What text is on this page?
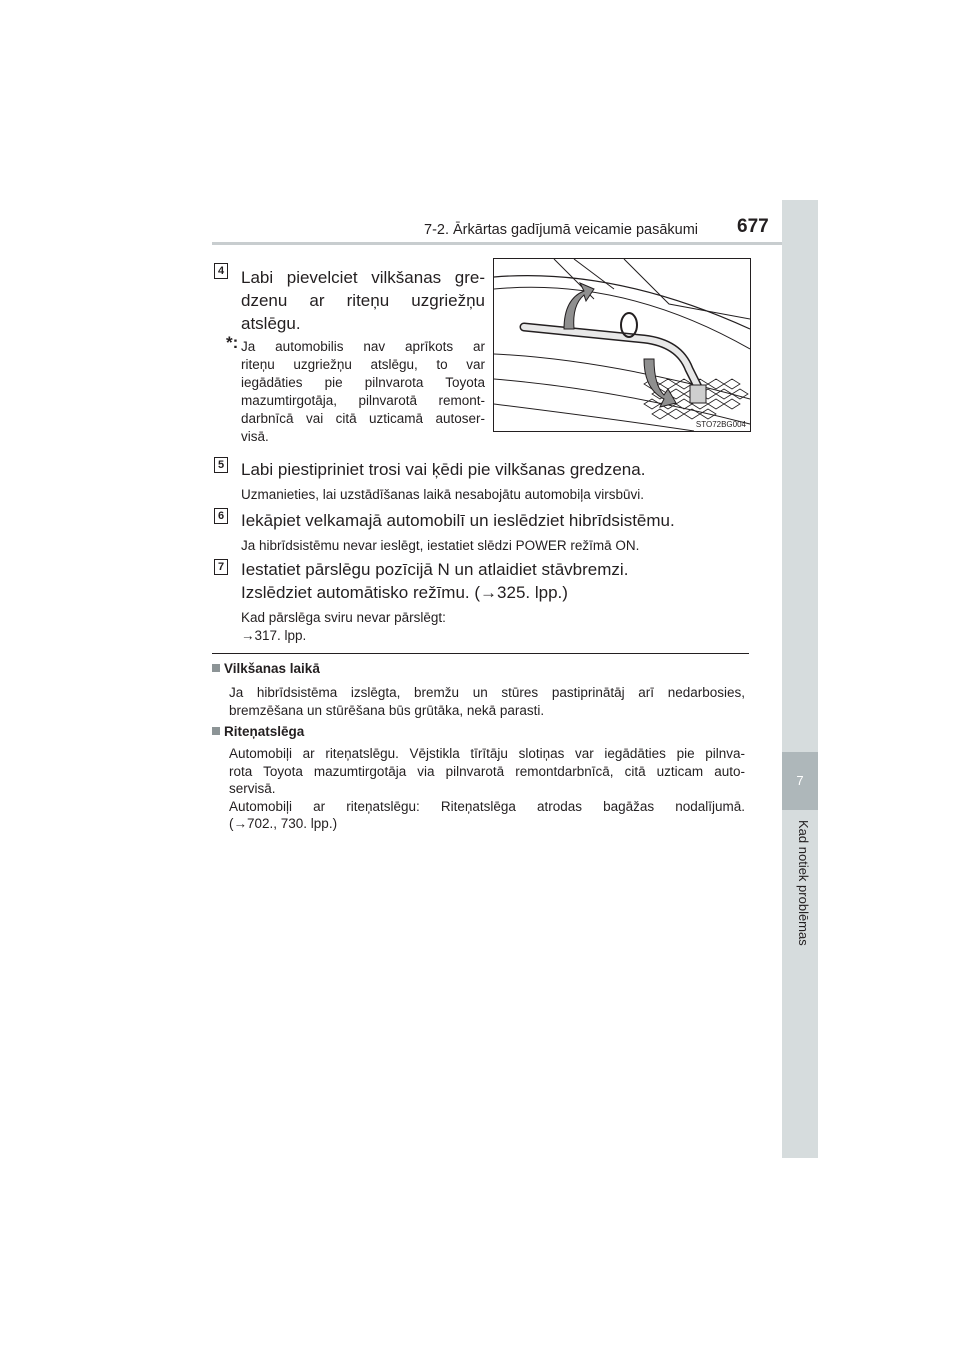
7-2. Ārkārtas gadījumā veicamie pasākumi 677
7
Kad notiek problēmas
4 Labi pievelciet vilkšanas gre-
dzenu ar riteņu uzgriežņu
atslēgu.
*: Ja automobilis nav aprīkots ar
riteņu uzgriežņu atslēgu, to var
iegādāties pie pilnvarota Toyota
mazumtirgotāja, pilnvarotā remont-
darbnīcā vai citā uzticamā autoser-
visā.
STO72BG004
5 Labi piestipriniet trosi vai ķēdi pie vilkšanas gredzena.
Uzmanieties, lai uzstādīšanas laikā nesabojātu automobiļa virsbūvi.
6 Iekāpiet velkamajā automobilī un ieslēdziet hibrīdsistēmu.
Ja hibrīdsistēmu nevar ieslēgt, iestatiet slēdzi POWER režīmā ON.
7 Iestatiet pārslēgu pozīcijā N un atlaidiet stāvbremzi.
Izslēdziet automātisko režīmu. (→325. lpp.)
Kad pārslēga sviru nevar pārslēgt:
→317. lpp.
Vilkšanas laikā
Ja hibrīdsistēma izslēgta, bremžu un stūres pastiprinātāj arī nedarbosies,
bremzēšana un stūrēšana būs grūtāka, nekā parasti.
Riteņatslēga
Automobiļi ar riteņatslēgu. Vējstikla tīrītāju slotiņas var iegādāties pie pilnva-
rota Toyota mazumtirgotāja via pilnvarotā remontdarbnīcā, citā uzticam auto-
servisā.
Automobiļi ar riteņatslēgu: Riteņatslēga atrodas bagāžas nodalījumā.
(→702., 730. lpp.)
